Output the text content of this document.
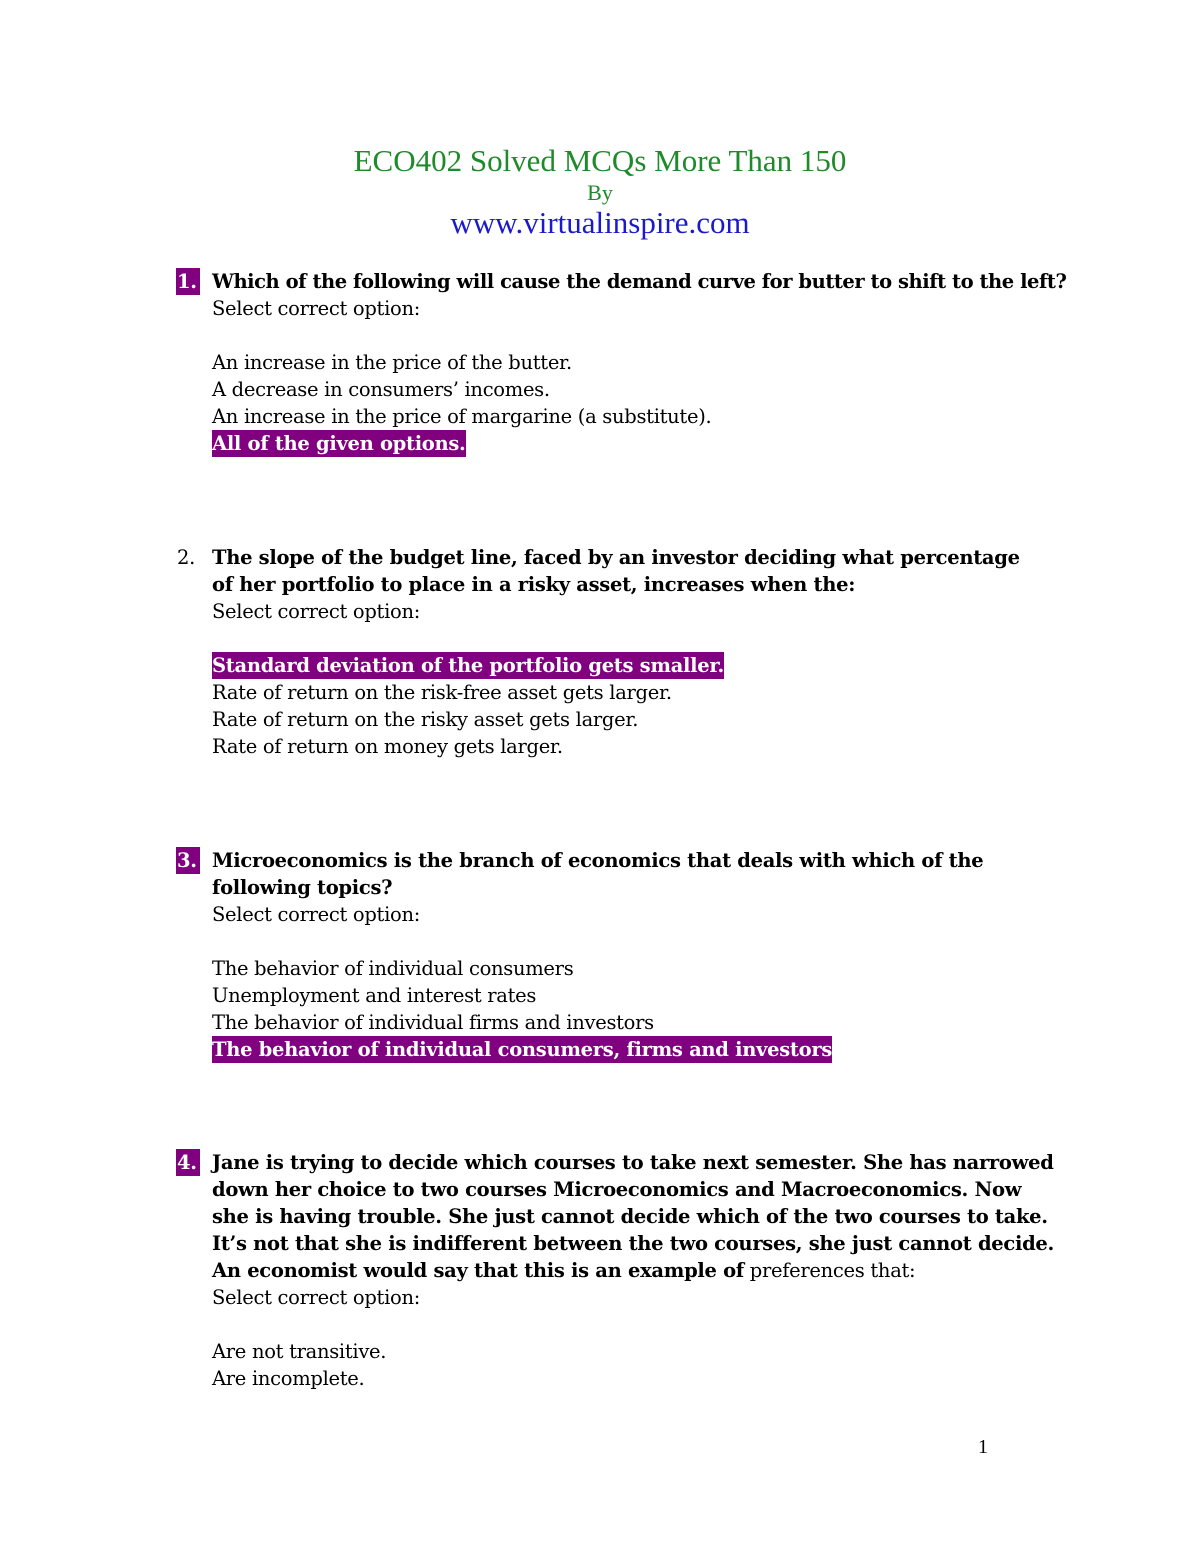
ECO402 Solved MCQs More Than 150
By
www.virtualinspire.com
1. Which of the following will cause the demand curve for butter to shift to the left?
Select correct option:
An increase in the price of the butter.
A decrease in consumers’ incomes.
An increase in the price of margarine (a substitute).
All of the given options.
2. The slope of the budget line, faced by an investor deciding what percentage of her portfolio to place in a risky asset, increases when the:
Select correct option:
Standard deviation of the portfolio gets smaller.
Rate of return on the risk-free asset gets larger.
Rate of return on the risky asset gets larger.
Rate of return on money gets larger.
3. Microeconomics is the branch of economics that deals with which of the following topics?
Select correct option:
The behavior of individual consumers
Unemployment and interest rates
The behavior of individual firms and investors
The behavior of individual consumers, firms and investors
4. Jane is trying to decide which courses to take next semester. She has narrowed down her choice to two courses Microeconomics and Macroeconomics. Now she is having trouble. She just cannot decide which of the two courses to take. It’s not that she is indifferent between the two courses, she just cannot decide. An economist would say that this is an example of preferences that:
Select correct option:
Are not transitive.
Are incomplete.
1
